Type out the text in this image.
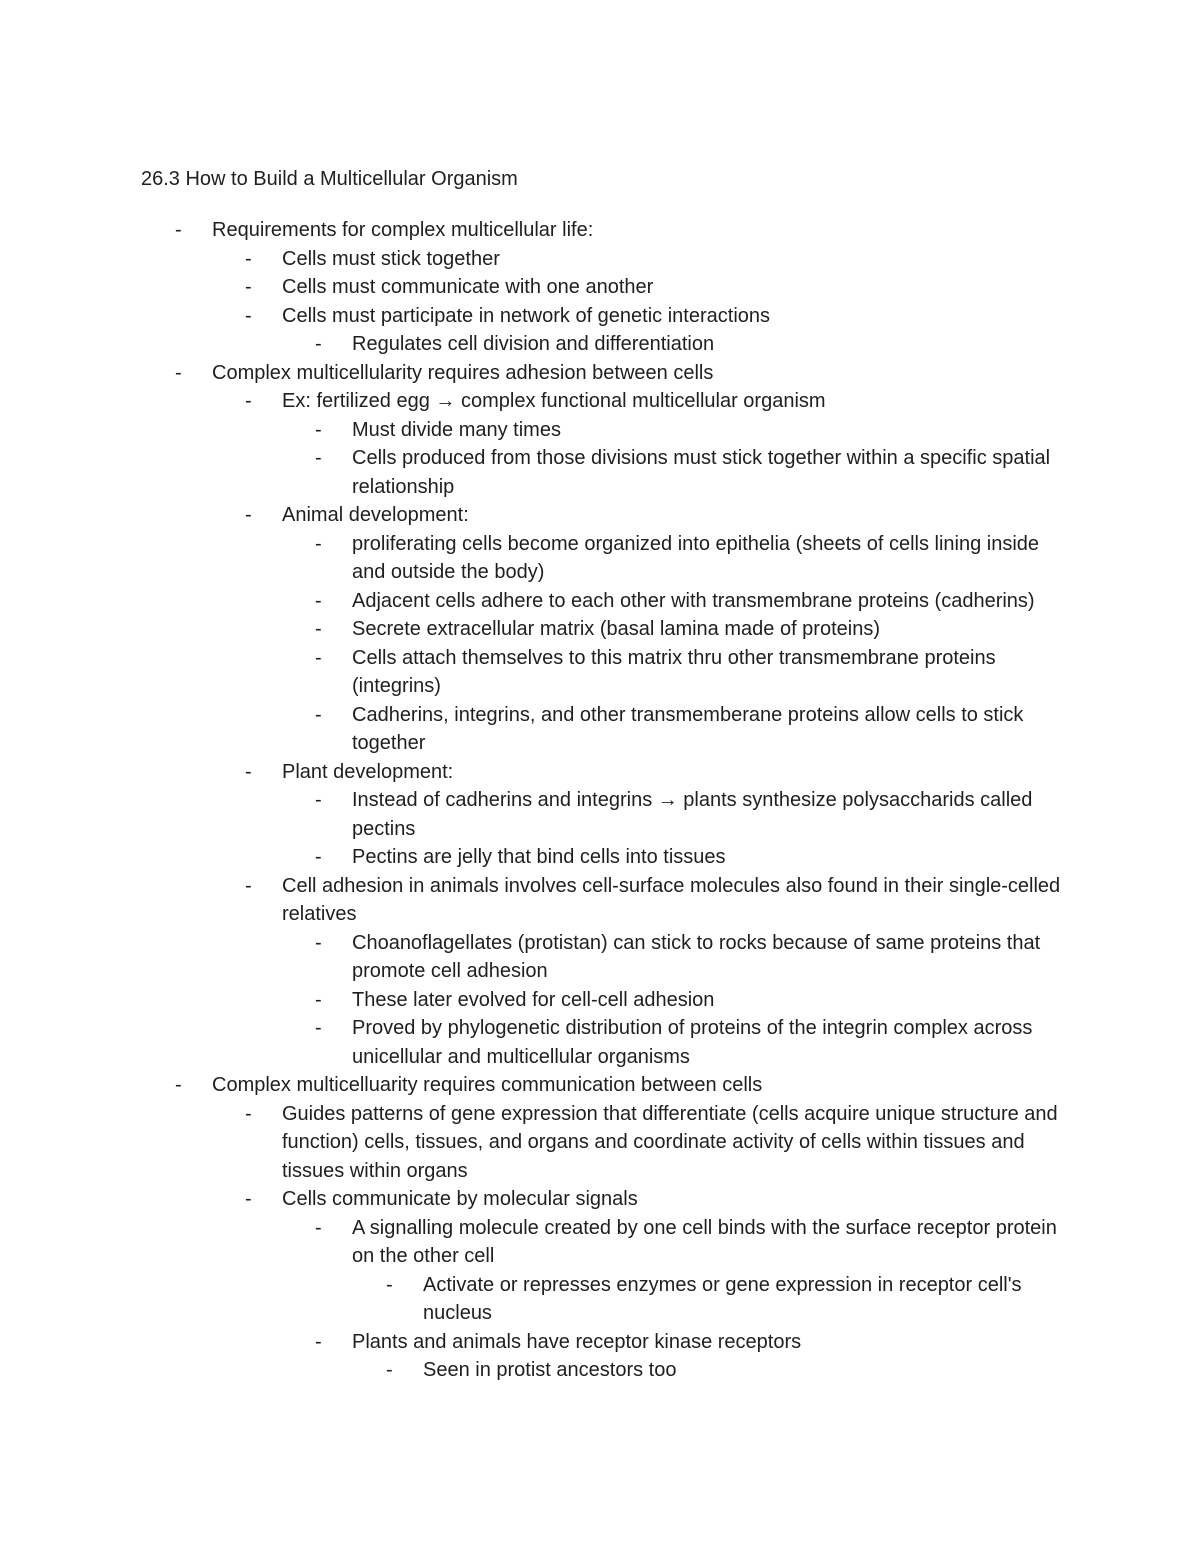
26.3 How to Build a Multicellular Organism
- Requirements for complex multicellular life:
- Cells must stick together
- Cells must communicate with one another
- Cells must participate in network of genetic interactions
- Regulates cell division and differentiation
- Complex multicellularity requires adhesion between cells
- Ex: fertilized egg → complex functional multicellular organism
- Must divide many times
- Cells produced from those divisions must stick together within a specific spatial relationship
- Animal development:
- proliferating cells become organized into epithelia (sheets of cells lining inside and outside the body)
- Adjacent cells adhere to each other with transmembrane proteins (cadherins)
- Secrete extracellular matrix (basal lamina made of proteins)
- Cells attach themselves to this matrix thru other transmembrane proteins (integrins)
- Cadherins, integrins, and other transmemberane proteins allow cells to stick together
- Plant development:
- Instead of cadherins and integrins → plants synthesize polysaccharids called pectins
- Pectins are jelly that bind cells into tissues
- Cell adhesion in animals involves cell-surface molecules also found in their single-celled relatives
- Choanoflagellates (protistan) can stick to rocks because of same proteins that promote cell adhesion
- These later evolved for cell-cell adhesion
- Proved by phylogenetic distribution of proteins of the integrin complex across unicellular and multicellular organisms
- Complex multicelluarity requires communication between cells
- Guides patterns of gene expression that differentiate (cells acquire unique structure and function) cells, tissues, and organs and coordinate activity of cells within tissues and tissues within organs
- Cells communicate by molecular signals
- A signalling molecule created by one cell binds with the surface receptor protein on the other cell
- Activate or represses enzymes or gene expression in receptor cell's nucleus
- Plants and animals have receptor kinase receptors
- Seen in protist ancestors too
